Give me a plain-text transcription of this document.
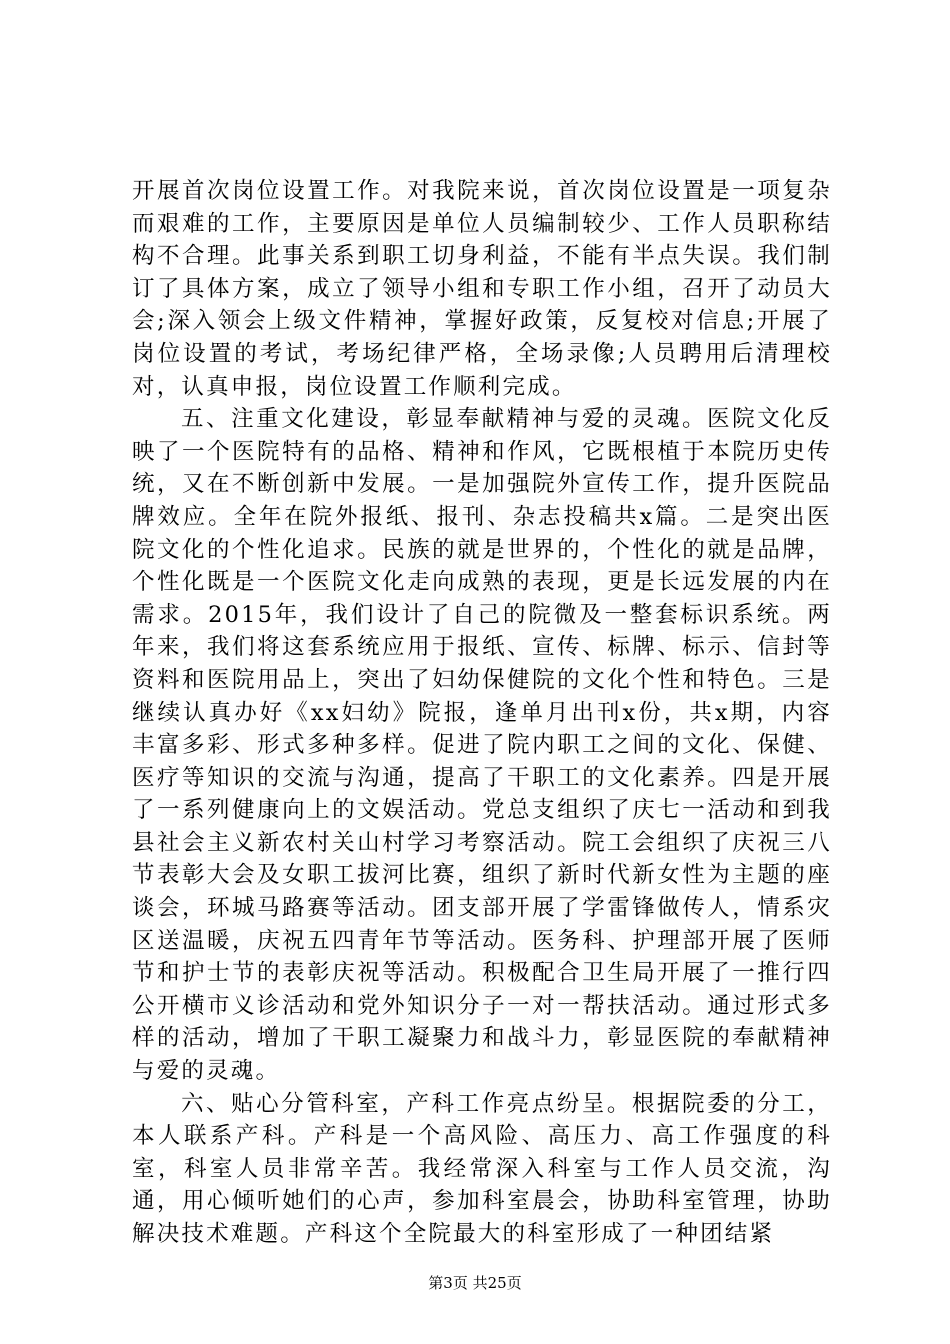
开展首次岗位设置工作。对我院来说，首次岗位设置是一项复杂而艰难的工作，主要原因是单位人员编制较少、工作人员职称结构不合理。此事关系到职工切身利益，不能有半点失误。我们制订了具体方案，成立了领导小组和专职工作小组，召开了动员大会;深入领会上级文件精神，掌握好政策，反复校对信息;开展了岗位设置的考试，考场纪律严格，全场录像;人员聘用后清理校对，认真申报，岗位设置工作顺利完成。

五、注重文化建设，彰显奉献精神与爱的灵魂。医院文化反映了一个医院特有的品格、精神和作风，它既根植于本院历史传统，又在不断创新中发展。一是加强院外宣传工作，提升医院品牌效应。全年在院外报纸、报刊、杂志投稿共x篇。二是突出医院文化的个性化追求。民族的就是世界的，个性化的就是品牌，个性化既是一个医院文化走向成熟的表现，更是长远发展的内在需求。2015年，我们设计了自己的院微及一整套标识系统。两年来，我们将这套系统应用于报纸、宣传、标牌、标示、信封等资料和医院用品上，突出了妇幼保健院的文化个性和特色。三是继续认真办好《xx妇幼》院报，逢单月出刊x份，共x期，内容丰富多彩、形式多种多样。促进了院内职工之间的文化、保健、医疗等知识的交流与沟通，提高了干职工的文化素养。四是开展了一系列健康向上的文娱活动。党总支组织了庆七一活动和到我县社会主义新农村关山村学习考察活动。院工会组织了庆祝三八节表彰大会及女职工拔河比赛，组织了新时代新女性为主题的座谈会，环城马路赛等活动。团支部开展了学雷锋做传人，情系灾区送温暖，庆祝五四青年节等活动。医务科、护理部开展了医师节和护士节的表彰庆祝等活动。积极配合卫生局开展了一推行四公开横市义诊活动和党外知识分子一对一帮扶活动。通过形式多样的活动，增加了干职工凝聚力和战斗力，彰显医院的奉献精神与爱的灵魂。

六、贴心分管科室，产科工作亮点纷呈。根据院委的分工，本人联系产科。产科是一个高风险、高压力、高工作强度的科室，科室人员非常辛苦。我经常深入科室与工作人员交流，沟通，用心倾听她们的心声，参加科室晨会，协助科室管理，协助解决技术难题。产科这个全院最大的科室形成了一种团结紧

第3页 共25页
